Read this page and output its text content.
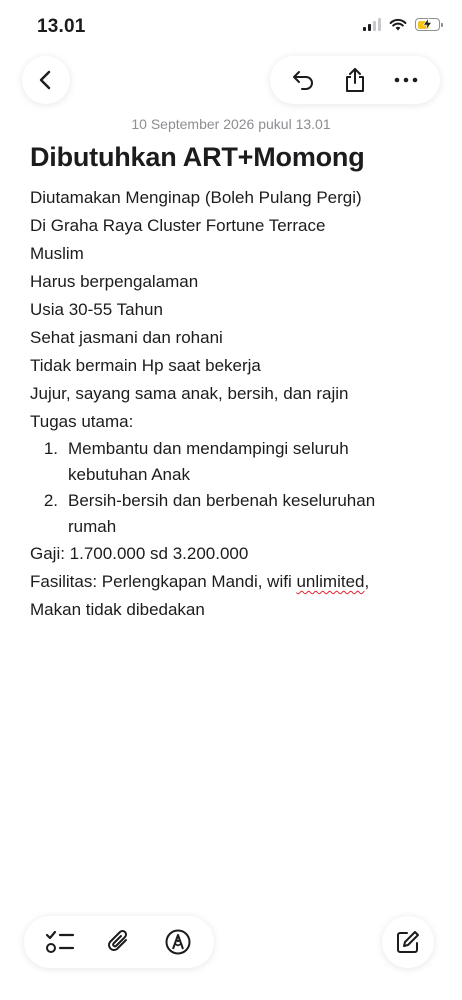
13.01
10 September 2026 pukul 13.01
Dibutuhkan ART+Momong
Diutamakan Menginap (Boleh Pulang Pergi)
Di Graha Raya Cluster Fortune Terrace
Muslim
Harus berpengalaman
Usia 30-55 Tahun
Sehat jasmani dan rohani
Tidak bermain Hp saat bekerja
Jujur, sayang sama anak, bersih, dan rajin
Tugas utama:
1. Membantu dan mendampingi seluruh kebutuhan Anak
2. Bersih-bersih dan berbenah keseluruhan rumah
Gaji: 1.700.000 sd 3.200.000
Fasilitas: Perlengkapan Mandi, wifi unlimited,
Makan tidak dibedakan
